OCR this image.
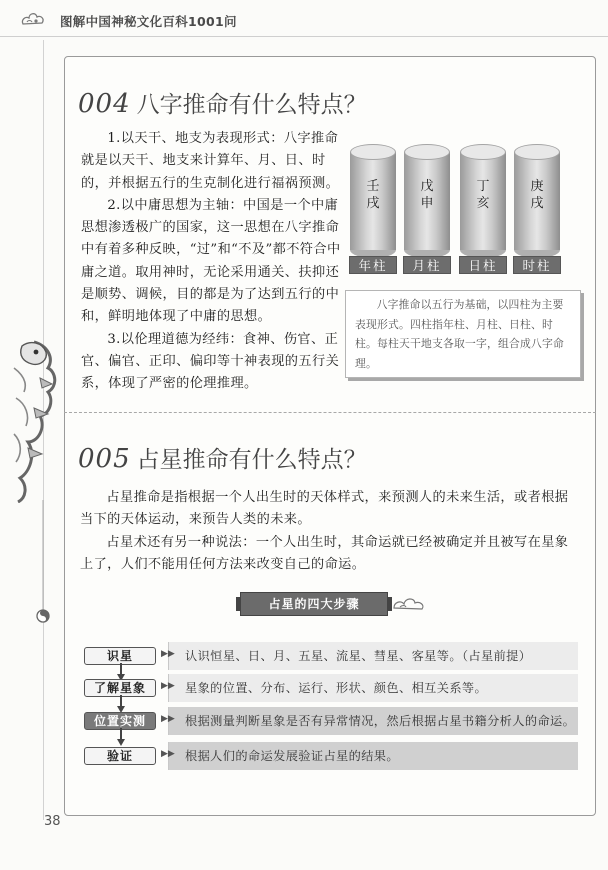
图解中国神秘文化百科1001问
004 八字推命有什么特点？

1.以天干、地支为表现形式：八字推命就是以天干、地支来计算年、月、日、时的，并根据五行的生克制化进行福祸预测。

2.以中庸思想为主轴：中国是一个中庸思想渗透极广的国家，这一思想在八字推命中有着多种反映，“过”和“不及”都不符合中庸之道。取用神时，无论采用通关、扶抑还是顺势、调候，目的都是为了达到五行的中和，鲜明地体现了中庸的思想。

3.以伦理道德为经纬：食神、伤官、正官、偏官、正印、偏印等十神表现的五行关系，体现了严密的伦理推理。

壬
戌
戊
申
丁
亥
庚
戌
年柱	月柱	日柱	时柱
八字推命以五行为基础，以四柱为主要表现形式。四柱指年柱、月柱、日柱、时柱。每柱天干地支各取一字，组合成八字命理。
005 占星推命有什么特点？

占星推命是指根据一个人出生时的天体样式，来预测人的未来生活，或者根据当下的天体运动，来预告人类的未来。

占星术还有另一种说法：一个人出生时，其命运就已经被确定并且被写在星象上了，人们不能用任何方法来改变自己的命运。

占星的四大步骤
认识恒星、日、月、五星、流星、彗星、客星等。（占星前提）
▶▶
识星
星象的位置、分布、运行、形状、颜色、相互关系等。
▶▶
了解星象
根据测量判断星象是否有异常情况，然后根据占星书籍分析人的命运。
▶▶
位置实测
根据人们的命运发展验证占星的结果。
▶▶
验证
38
